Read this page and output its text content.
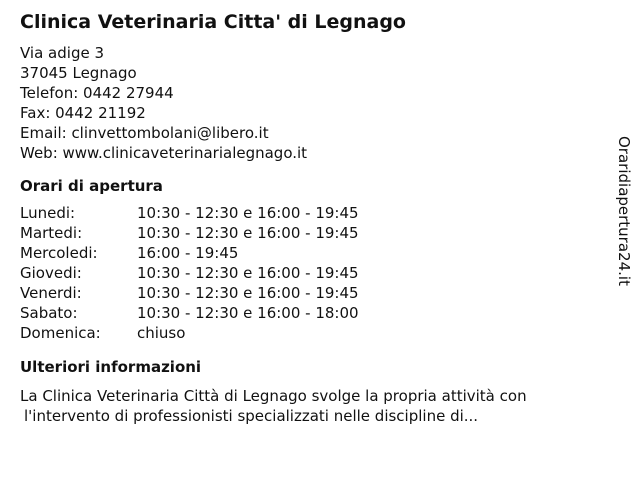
Clinica Veterinaria Citta' di Legnago
Via adige 3
37045 Legnago
Telefon: 0442 27944
Fax: 0442 21192
Email: clinvettombolani@libero.it
Web: www.clinicaveterinarialegnago.it
Orari di apertura
Lunedi:	10:30 - 12:30 e 16:00 - 19:45
Martedi:	10:30 - 12:30 e 16:00 - 19:45
Mercoledi:	16:00 - 19:45
Giovedi:	10:30 - 12:30 e 16:00 - 19:45
Venerdi:	10:30 - 12:30 e 16:00 - 19:45
Sabato:	10:30 - 12:30 e 16:00 - 18:00
Domenica:	chiuso
Ulteriori informazioni
La Clinica Veterinaria Città di Legnago svolge la propria attività con
l'intervento di professionisti specializzati nelle discipline di...
Oraridiapertura24.it
